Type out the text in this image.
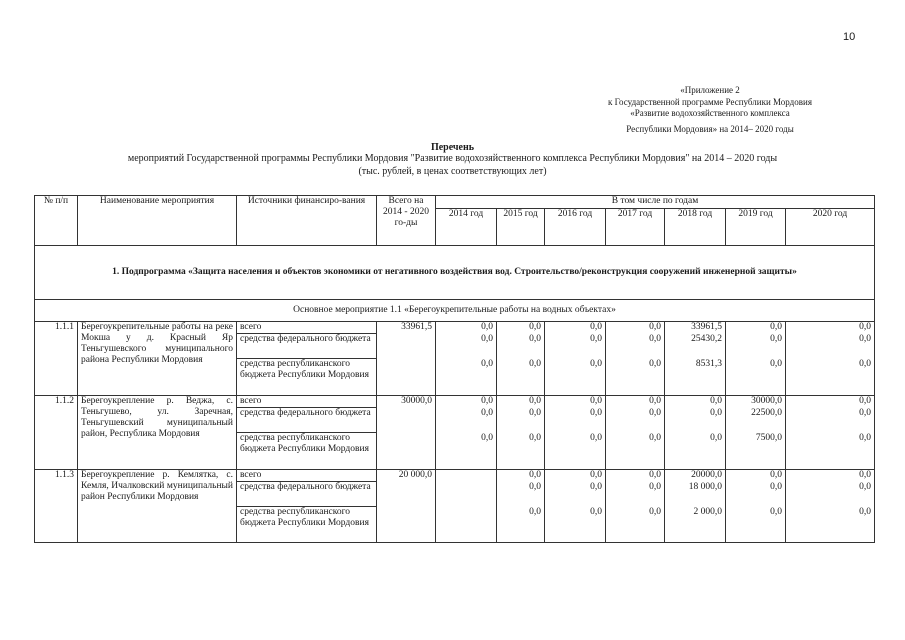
10
«Приложение 2
к Государственной программе Республики Мордовия
«Развитие водохозяйственного комплекса
Республики Мордовия» на 2014– 2020 годы
Перечень
мероприятий Государственной программы Республики Мордовия "Развитие водохозяйственного комплекса Республики Мордовия" на 2014 – 2020 годы
(тыс. рублей, в ценах соответствующих лет)
№ п/п	Наименование мероприятия	Источники финансиро-вания	Всего на 2014 - 2020 го-ды	В том числе по годам						
				2014 год	2015 год	2016 год	2017 год	2018 год	2019 год	2020 год
1. Подпрограмма «Защита населения и объектов экономики от негативного воздействия вод. Строительство/реконструкция сооружений инженерной защиты»										
Основное мероприятие 1.1 «Берегоукрепительные работы на водных объектах»										
1.1.1	Берегоукрепительные работы на реке Мокша у д. Красный Яр Теньгушевского муниципального района Республики Мордовия	всего	33961,5	0,0	0,0	0,0	0,0	33961,5	0,0	0,0
		средства федерального бюджета		0,0	0,0	0,0	0,0	25430,2	0,0	0,0
		средства республиканского бюджета Республики Мордовия		0,0	0,0	0,0	0,0	8531,3	0,0	0,0
1.1.2	Берегоукрепление р. Веджа, с. Теньгушево, ул. Заречная, Теньгушевский муниципальный район, Республика Мордовия	всего	30000,0	0,0	0,0	0,0	0,0	0,0	30000,0	0,0
		средства федерального бюджета		0,0	0,0	0,0	0,0	0,0	22500,0	0,0
		средства республиканского бюджета Республики Мордовия		0,0	0,0	0,0	0,0	0,0	7500,0	0,0
1.1.3	Берегоукрепление р. Кемлятка, с. Кемля, Ичалковский муниципальный район Республики Мордовия	всего	20 000,0		0,0	0,0	0,0	20000,0	0,0	0,0
		средства федерального бюджета			0,0	0,0	0,0	18 000,0	0,0	0,0
		средства республиканского бюджета Республики Мордовия			0,0	0,0	0,0	2 000,0	0,0	0,0
